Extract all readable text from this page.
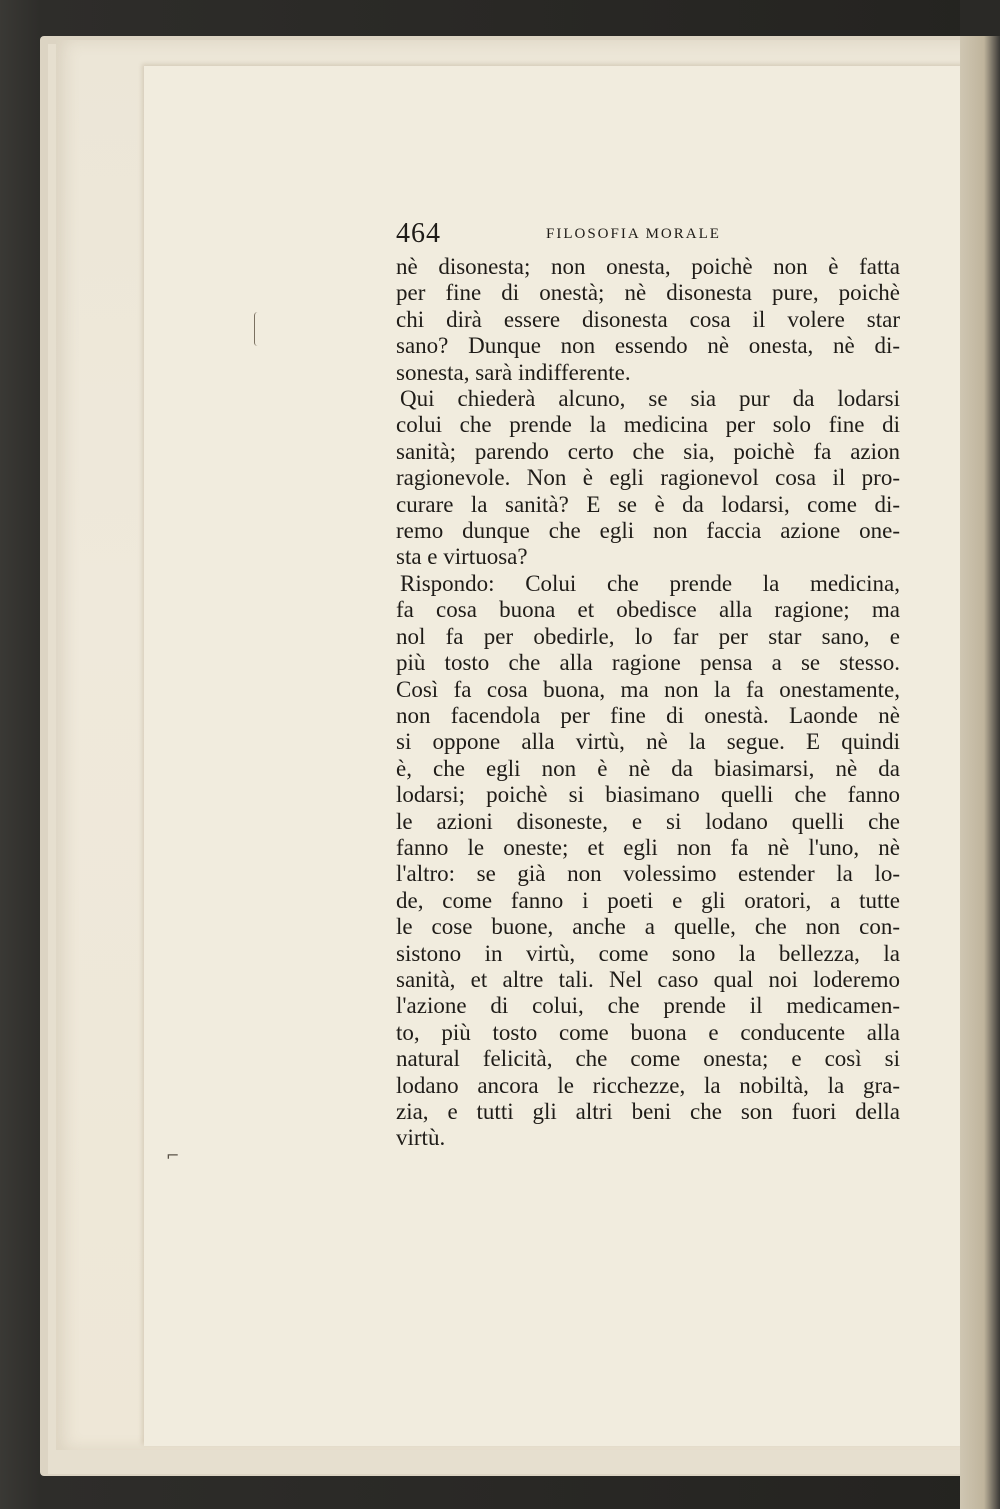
⌐
464	FILOSOFIA MORALE
nè disonesta; non onesta, poichè non è fatta
per fine di onestà; nè disonesta pure, poichè
chi dirà essere disonesta cosa il volere star
sano? Dunque non essendo nè onesta, nè di-
sonesta, sarà indifferente.
Qui chiederà alcuno, se sia pur da lodarsi
colui che prende la medicina per solo fine di
sanità; parendo certo che sia, poichè fa azion
ragionevole. Non è egli ragionevol cosa il pro-
curare la sanità? E se è da lodarsi, come di-
remo dunque che egli non faccia azione one-
sta e virtuosa?
Rispondo: Colui che prende la medicina,
fa cosa buona et obedisce alla ragione; ma
nol fa per obedirle, lo far per star sano, e
più tosto che alla ragione pensa a se stesso.
Così fa cosa buona, ma non la fa onestamente,
non facendola per fine di onestà. Laonde nè
si oppone alla virtù, nè la segue. E quindi
è, che egli non è nè da biasimarsi, nè da
lodarsi; poichè si biasimano quelli che fanno
le azioni disoneste, e si lodano quelli che
fanno le oneste; et egli non fa nè l'uno, nè
l'altro: se già non volessimo estender la lo-
de, come fanno i poeti e gli oratori, a tutte
le cose buone, anche a quelle, che non con-
sistono in virtù, come sono la bellezza, la
sanità, et altre tali. Nel caso qual noi loderemo
l'azione di colui, che prende il medicamen-
to, più tosto come buona e conducente alla
natural felicità, che come onesta; e così si
lodano ancora le ricchezze, la nobiltà, la gra-
zia, e tutti gli altri beni che son fuori della
virtù.
